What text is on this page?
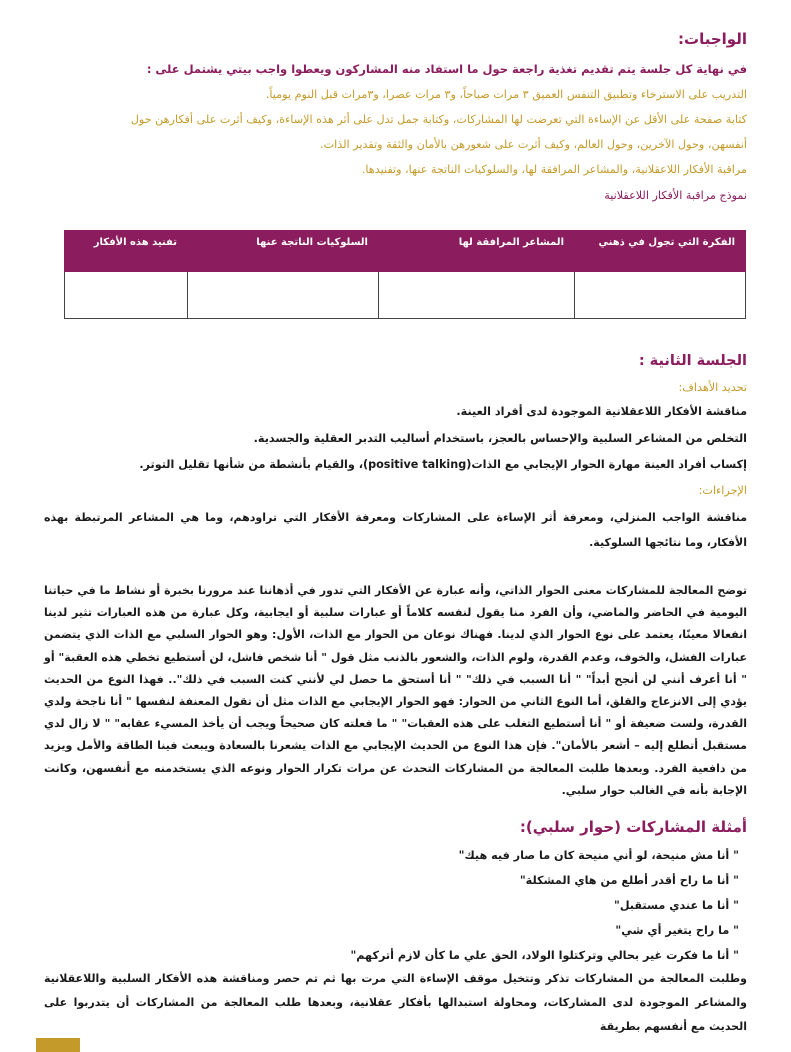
الواجبات:
في نهاية كل جلسة يتم تقديم تغذية راجعة حول ما استفاد منه المشاركون ويعطوا واجب بيتي يشتمل على :
التدريب على الاسترخاء وتطبيق التنفس العميق ٣ مرات صباحاً، و٣ مرات عصرا، و٣مرات قبل النوم يومياً.
كتابة صفحة على الأقل عن الإساءة التي تعرضت لها المشاركات، وكتابة جمل تدل على أثر هذه الإساءة، وكيف أثرت على أفكارهن حول
أنفسهن، وحول الآخرين، وحول العالم، وكيف أثرت على شعورهن بالأمان والثقة وتقدير الذات.
مراقبة الأفكار اللاعقلانية، والمشاعر المرافقة لها، والسلوكيات الناتجة عنها، وتفنيدها.
نموذج مراقبة الأفكار اللاعقلانية
الفكرة التي تجول في ذهني	المشاعر المرافقة لها	السلوكيات الناتجة عنها	تفنيد هذه الأفكار

الجلسة الثانية :
تحديد الأهداف:
مناقشة الأفكار اللاعقلانية الموجودة لدى أفراد العينة.
التخلص من المشاعر السلبية والإحساس بالعجز، باستخدام أساليب التدبر العقلية والجسدية.
إكساب أفراد العينة مهارة الحوار الإيجابي مع الذات(positive talking)، والقيام بأنشطة من شأنها تقليل التوتر.
الإجراءات:

مناقشة الواجب المنزلي، ومعرفة أثر الإساءة على المشاركات ومعرفة الأفكار التي تراودهم، وما هي المشاعر المرتبطة بهذه الأفكار، وما نتائجها السلوكية.

توضح المعالجة للمشاركات معنى الحوار الذاتي، وأنه عبارة عن الأفكار التي تدور في أذهاننا عند مرورنا بخبرة أو نشاط ما في حياتنا اليومية في الحاضر والماضي، وأن الفرد منا يقول لنفسه كلاماً أو عبارات سلبية أو ايجابية، وكل عبارة من هذه العبارات تثير لدينا انفعالا معينًا، يعتمد على نوع الحوار الذي لدينا. فهناك نوعان من الحوار مع الذات، الأول: وهو الحوار السلبي مع الذات الذي يتضمن عبارات الفشل، والخوف، وعدم القدرة، ولوم الذات، والشعور بالذنب مثل قول " أنا شخص فاشل، لن أستطيع تخطي هذه العقبة" أو " أنا أعرف أنني لن أنجح أبداً" " أنا السبب في ذلك" " أنا أستحق ما حصل لي لأنني كنت السبب في ذلك".. فهذا النوع من الحديث يؤدي إلى الانزعاج والقلق، أما النوع الثاني من الحوار: فهو الحوار الإيجابي مع الذات مثل أن تقول المعنفة لنفسها " أنا ناجحة ولدي القدرة، ولست ضعيفة أو " أنا أستطيع التغلب على هذه العقبات" " ما فعلته كان صحيحاً ويجب أن يأخذ المسيء عقابه" " لا زال لدي مستقبل أتطلع إليه – أشعر بالأمان". فإن هذا النوع من الحديث الإيجابي مع الذات يشعرنا بالسعادة ويبعث فينا الطاقة والأمل ويزيد من دافعية الفرد. وبعدها طلبت المعالجة من المشاركات التحدث عن مرات تكرار الحوار ونوعه الذي يستخدمنه مع أنفسهن، وكانت الإجابة بأنه في الغالب حوار سلبي.

أمثلة المشاركات (حوار سلبي):
" أنا مش منيحة، لو أني منيحة كان ما صار فيه هيك"
" أنا ما راح أقدر أطلع من هاي المشكلة"
" أنا ما عندي مستقبل"
" ما راح يتغير أي شي"
" أنا ما فكرت غير بحالي وتركتلوا الولاد، الحق علي ما كأن لازم أتركهم"

وطلبت المعالجة من المشاركات تذكر وتتخيل موقف الإساءة التي مرت بها ثم تم حصر ومناقشة هذه الأفكار السلبية واللاعقلانية والمشاعر الموجودة لدى المشاركات، ومحاولة استبدالها بأفكار عقلانية، وبعدها طلب المعالجة من المشاركات أن يتدربوا على الحديث مع أنفسهم بطريقة
